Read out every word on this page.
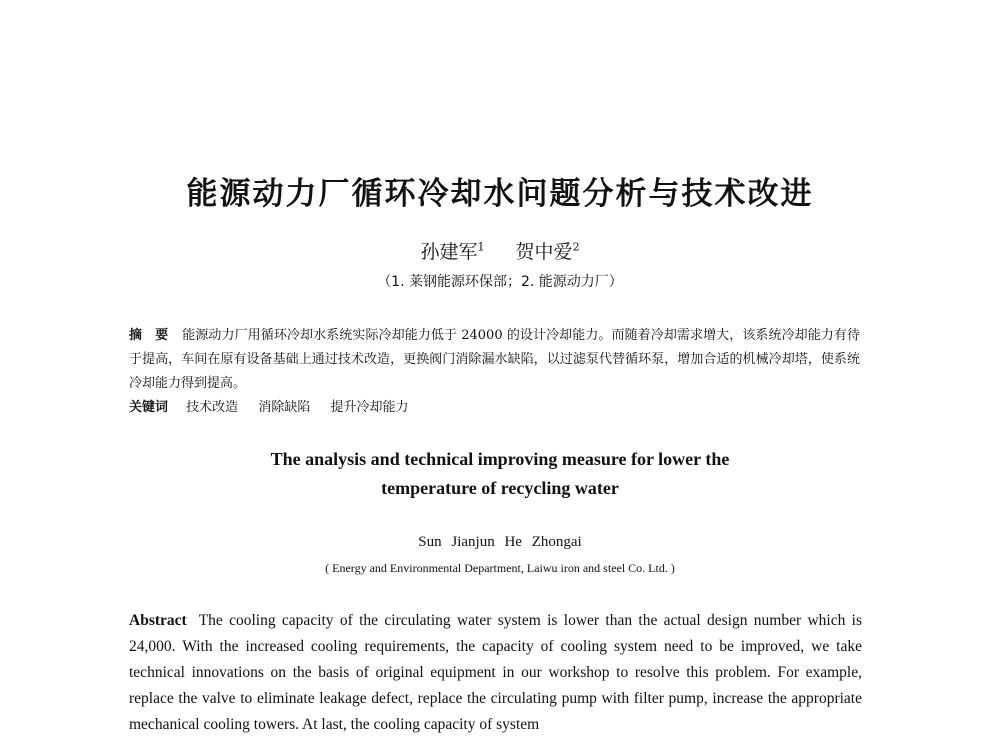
能源动力厂循环冷却水问题分析与技术改进
孙建军$^1$   贺中爱$^2$
（1. 莱钢能源环保部；2. 能源动力厂）
摘　要 能源动力厂用循环冷却水系统实际冷却能力低于 24000 的设计冷却能力。而随着冷却需求增大，该系统冷却能力有待于提高，车间在原有设备基础上通过技术改造，更换阀门消除漏水缺陷，以过滤泵代替循环泵，增加合适的机械冷却塔，使系统冷却能力得到提高。
关键词 技术改造 消除缺陷 提升冷却能力
The analysis and technical improving measure for lower the
temperature of recycling water
Sun Jianjun He Zhongai
( Energy and Environmental Department, Laiwu iron and steel Co. Ltd. )
Abstract The cooling capacity of the circulating water system is lower than the actual design number which is 24,000. With the increased cooling requirements, the capacity of cooling system need to be improved, we take technical innovations on the basis of original equipment in our workshop to resolve this problem. For example, replace the valve to eliminate leakage defect, replace the circulating pump with filter pump, increase the appropriate mechanical cooling towers. At last, the cooling capacity of system
